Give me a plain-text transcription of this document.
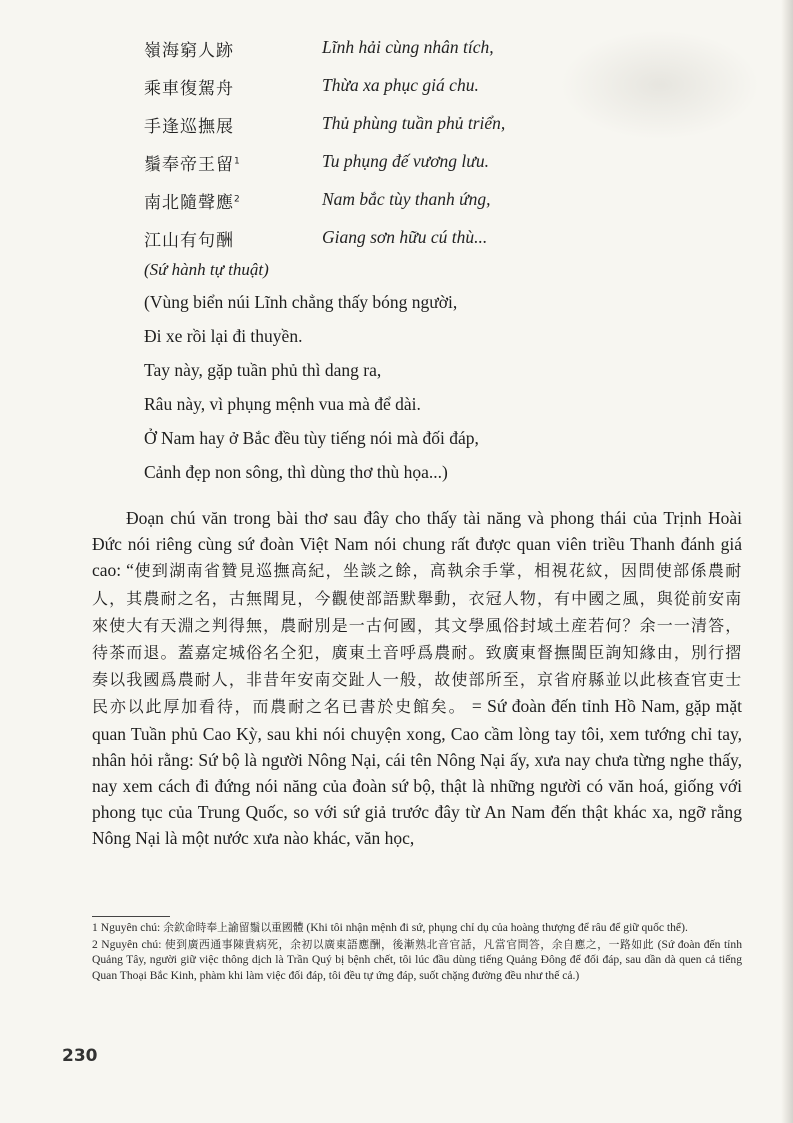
嶺海窮人跡	Lĩnh hải cùng nhân tích,
乘車復駕舟	Thừa xa phục giá chu.
手逢巡撫展	Thủ phùng tuần phủ triển,
鬚奉帝王留$^1$	Tu phụng đế vương lưu.
南北隨聲應$^2$	Nam bắc tùy thanh ứng,
江山有句酬	Giang sơn hữu cú thù...
(Sứ hành tự thuật)
(Vùng biển núi Lĩnh chẳng thấy bóng người,
Đi xe rồi lại đi thuyền.
Tay này, gặp tuần phủ thì dang ra,
Râu này, vì phụng mệnh vua mà để dài.
Ở Nam hay ở Bắc đều tùy tiếng nói mà đối đáp,
Cảnh đẹp non sông, thì dùng thơ thù họa...)
Đoạn chú văn trong bài thơ sau đây cho thấy tài năng và phong thái của Trịnh Hoài Đức nói riêng cùng sứ đoàn Việt Nam nói chung rất được quan viên triều Thanh đánh giá cao: “使到湖南省贊見巡撫高紀，坐談之餘，高執余手掌，相視花紋，因問使部係農耐人，其農耐之名，古無聞見，今觀使部語默舉動，衣冠人物，有中國之風，與從前安南來使大有天淵之判得無，農耐別是一古何國，其文學風俗封域土産若何？余一一清答，待茶而退。蓋嘉定城俗名仝犯，廣東土音呼爲農耐。致廣東督撫閩臣詢知緣由，別行摺奏以我國爲農耐人，非昔年安南交趾人一般，故使部所至，京省府縣並以此核查官吏士民亦以此厚加看待，而農耐之名已書於史館矣。 = Sứ đoàn đến tỉnh Hồ Nam, gặp mặt quan Tuần phủ Cao Kỳ, sau khi nói chuyện xong, Cao cầm lòng tay tôi, xem tướng chỉ tay, nhân hỏi rằng: Sứ bộ là người Nông Nại, cái tên Nông Nại ấy, xưa nay chưa từng nghe thấy, nay xem cách đi đứng nói năng của đoàn sứ bộ, thật là những người có văn hoá, giống với phong tục của Trung Quốc, so với sứ giả trước đây từ An Nam đến thật khác xa, ngỡ rằng Nông Nại là một nước xưa nào khác, văn học,

1 Nguyên chú: 余欽命時奉上諭留鬚以重國體 (Khi tôi nhận mệnh đi sứ, phụng chỉ dụ của hoàng thượng để râu để giữ quốc thể).

2 Nguyên chú: 使到廣西通事陳貴病死，余初以廣東語應酬，後漸熟北音官話，凡當官問答，余自應之，一路如此 (Sứ đoàn đến tỉnh Quảng Tây, người giữ việc thông dịch là Trần Quý bị bệnh chết, tôi lúc đầu dùng tiếng Quảng Đông để đối đáp, sau dần dà quen cả tiếng Quan Thoại Bắc Kinh, phàm khi làm việc đối đáp, tôi đều tự ứng đáp, suốt chặng đường đều như thế cả.)

230
